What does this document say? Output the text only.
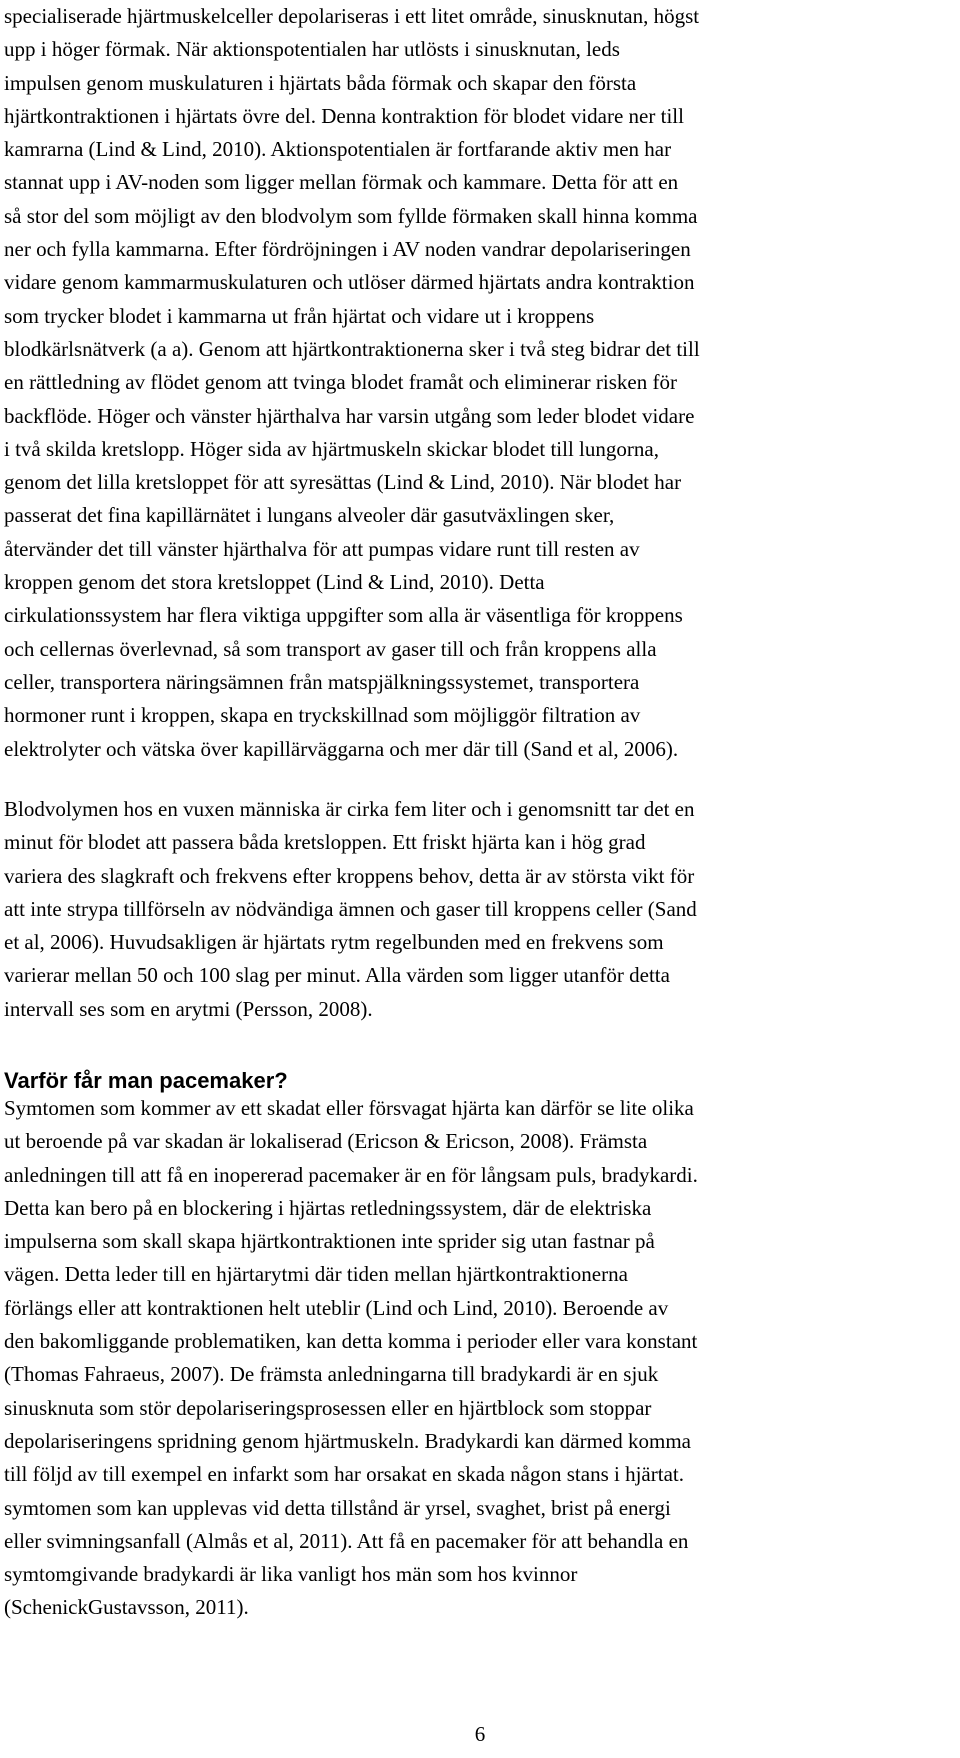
specialiserade hjärtmuskelceller depolariseras i ett litet område, sinusknutan, högst
upp i höger förmak. När aktionspotentialen har utlösts i sinusknutan, leds
impulsen genom muskulaturen i hjärtats båda förmak och skapar den första
hjärtkontraktionen i hjärtats övre del. Denna kontraktion för blodet vidare ner till
kamrarna (Lind & Lind, 2010). Aktionspotentialen är fortfarande aktiv men har
stannat upp i AV-noden som ligger mellan förmak och kammare. Detta för att en
så stor del som möjligt av den blodvolym som fyllde förmaken skall hinna komma
ner och fylla kammarna. Efter fördröjningen i AV noden vandrar depolariseringen
vidare genom kammarmuskulaturen och utlöser därmed hjärtats andra kontraktion
som trycker blodet i kammarna ut från hjärtat och vidare ut i kroppens
blodkärlsnätverk (a a). Genom att hjärtkontraktionerna sker i två steg bidrar det till
en rättledning av flödet genom att tvinga blodet framåt och eliminerar risken för
backflöde. Höger och vänster hjärthalva har varsin utgång som leder blodet vidare
i två skilda kretslopp. Höger sida av hjärtmuskeln skickar blodet till lungorna,
genom det lilla kretsloppet för att syresättas (Lind & Lind, 2010). När blodet har
passerat det fina kapillärnätet i lungans alveoler där gasutväxlingen sker,
återvänder det till vänster hjärthalva för att pumpas vidare runt till resten av
kroppen genom det stora kretsloppet (Lind & Lind, 2010). Detta
cirkulationssystem har flera viktiga uppgifter som alla är väsentliga för kroppens
och cellernas överlevnad, så som transport av gaser till och från kroppens alla
celler, transportera näringsämnen från matspjälkningssystemet, transportera
hormoner runt i kroppen, skapa en tryckskillnad som möjliggör filtration av
elektrolyter och vätska över kapillärväggarna och mer där till (Sand et al, 2006).
Blodvolymen hos en vuxen människa är cirka fem liter och i genomsnitt tar det en
minut för blodet att passera båda kretsloppen. Ett friskt hjärta kan i hög grad
variera des slagkraft och frekvens efter kroppens behov, detta är av största vikt för
att inte strypa tillförseln av nödvändiga ämnen och gaser till kroppens celler (Sand
et al, 2006). Huvudsakligen är hjärtats rytm regelbunden med en frekvens som
varierar mellan 50 och 100 slag per minut. Alla värden som ligger utanför detta
intervall ses som en arytmi (Persson, 2008).
Varför får man pacemaker?
Symtomen som kommer av ett skadat eller försvagat hjärta kan därför se lite olika
ut beroende på var skadan är lokaliserad (Ericson & Ericson, 2008). Främsta
anledningen till att få en inopererad pacemaker är en för långsam puls, bradykardi.
Detta kan bero på en blockering i hjärtas retledningssystem, där de elektriska
impulserna som skall skapa hjärtkontraktionen inte sprider sig utan fastnar på
vägen. Detta leder till en hjärtarytmi där tiden mellan hjärtkontraktionerna
förlängs eller att kontraktionen helt uteblir (Lind och Lind, 2010). Beroende av
den bakomliggande problematiken, kan detta komma i perioder eller vara konstant
(Thomas Fahraeus, 2007). De främsta anledningarna till bradykardi är en sjuk
sinusknuta som stör depolariseringsprosessen eller en hjärtblock som stoppar
depolariseringens spridning genom hjärtmuskeln. Bradykardi kan därmed komma
till följd av till exempel en infarkt som har orsakat en skada någon stans i hjärtat.
symtomen som kan upplevas vid detta tillstånd är yrsel, svaghet, brist på energi
eller svimningsanfall (Almås et al, 2011). Att få en pacemaker för att behandla en
symtomgivande bradykardi är lika vanligt hos män som hos kvinnor
(SchenickGustavsson, 2011).
6
